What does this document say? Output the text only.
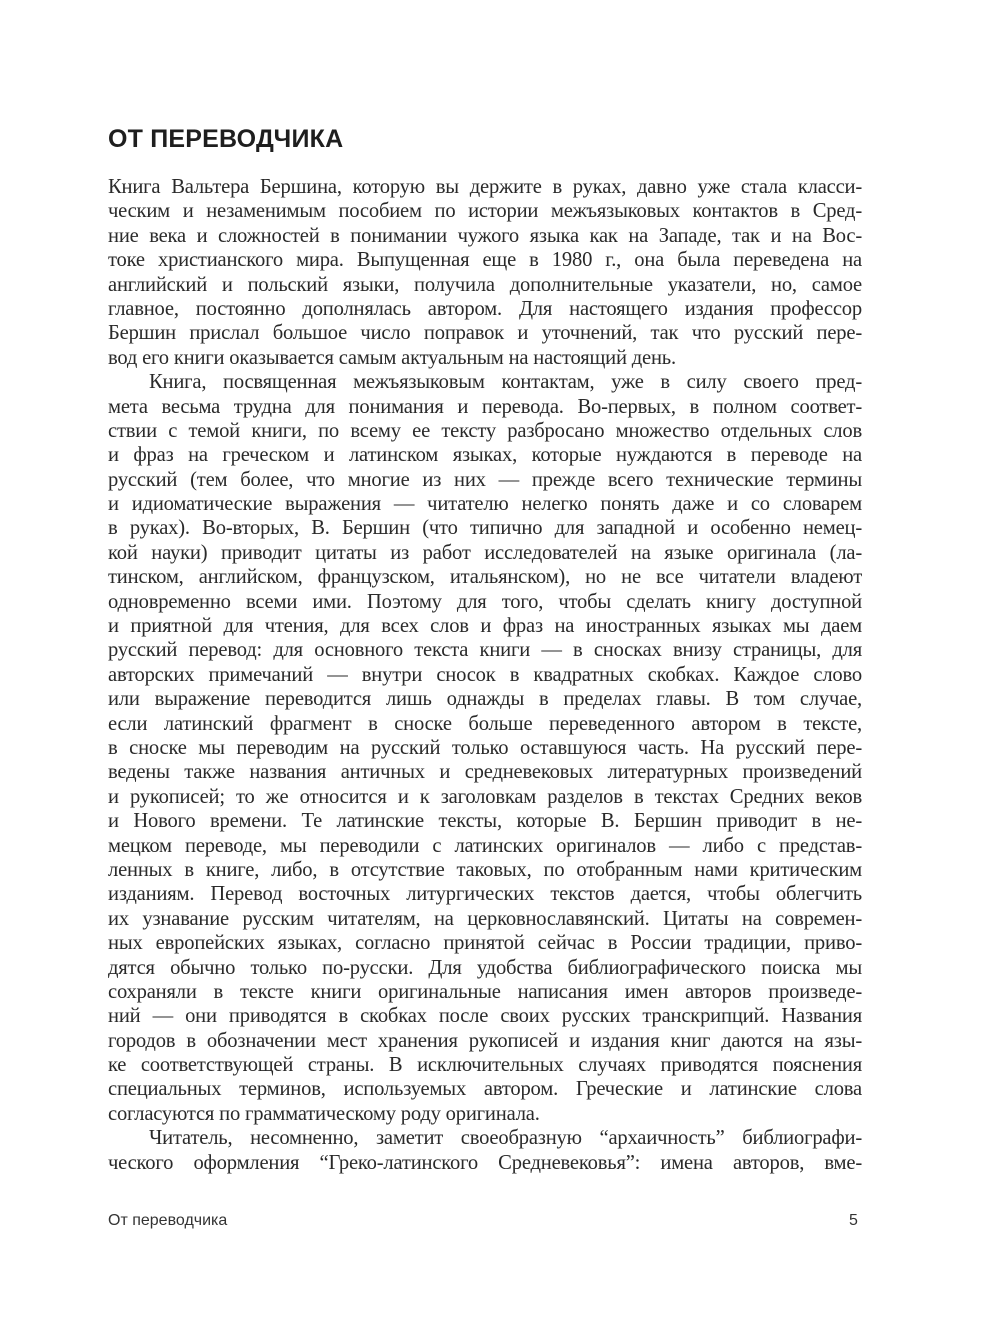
ОТ ПЕРЕВОДЧИКА
Книга Вальтера Бершина, которую вы держите в руках, давно уже стала класси-
ческим и незаменимым пособием по истории межъязыковых контактов в Сред-
ние века и сложностей в понимании чужого языка как на Западе, так и на Вос-
токе христианского мира. Выпущенная еще в 1980 г., она была переведена на
английский и польский языки, получила дополнительные указатели, но, самое
главное, постоянно дополнялась автором. Для настоящего издания профессор
Бершин прислал большое число поправок и уточнений, так что русский пере-
вод его книги оказывается самым актуальным на настоящий день.
Книга, посвященная межъязыковым контактам, уже в силу своего пред-
мета весьма трудна для понимания и перевода. Во-первых, в полном соответ-
ствии с темой книги, по всему ее тексту разбросано множество отдельных слов
и фраз на греческом и латинском языках, которые нуждаются в переводе на
русский (тем более, что многие из них — прежде всего технические термины
и идиоматические выражения — читателю нелегко понять даже и со словарем
в руках). Во-вторых, В. Бершин (что типично для западной и особенно немец-
кой науки) приводит цитаты из работ исследователей на языке оригинала (ла-
тинском, английском, французском, итальянском), но не все читатели владеют
одновременно всеми ими. Поэтому для того, чтобы сделать книгу доступной
и приятной для чтения, для всех слов и фраз на иностранных языках мы даем
русский перевод: для основного текста книги — в сносках внизу страницы, для
авторских примечаний — внутри сносок в квадратных скобках. Каждое слово
или выражение переводится лишь однажды в пределах главы. В том случае,
если латинский фрагмент в сноске больше переведенного автором в тексте,
в сноске мы переводим на русский только оставшуюся часть. На русский пере-
ведены также названия античных и средневековых литературных произведений
и рукописей; то же относится и к заголовкам разделов в текстах Средних веков
и Нового времени. Те латинские тексты, которые В. Бершин приводит в не-
мецком переводе, мы переводили с латинских оригиналов — либо с представ-
ленных в книге, либо, в отсутствие таковых, по отобранным нами критическим
изданиям. Перевод восточных литургических текстов дается, чтобы облегчить
их узнавание русским читателям, на церковнославянский. Цитаты на современ-
ных европейских языках, согласно принятой сейчас в России традиции, приво-
дятся обычно только по-русски. Для удобства библиографического поиска мы
сохраняли в тексте книги оригинальные написания имен авторов произведе-
ний — они приводятся в скобках после своих русских транскрипций. Названия
городов в обозначении мест хранения рукописей и издания книг даются на язы-
ке соответствующей страны. В исключительных случаях приводятся пояснения
специальных терминов, используемых автором. Греческие и латинские слова
согласуются по грамматическому роду оригинала.
Читатель, несомненно, заметит своеобразную “архаичность” библиографи-
ческого оформления “Греко-латинского Средневековья”: имена авторов, вме-
От переводчика	5
